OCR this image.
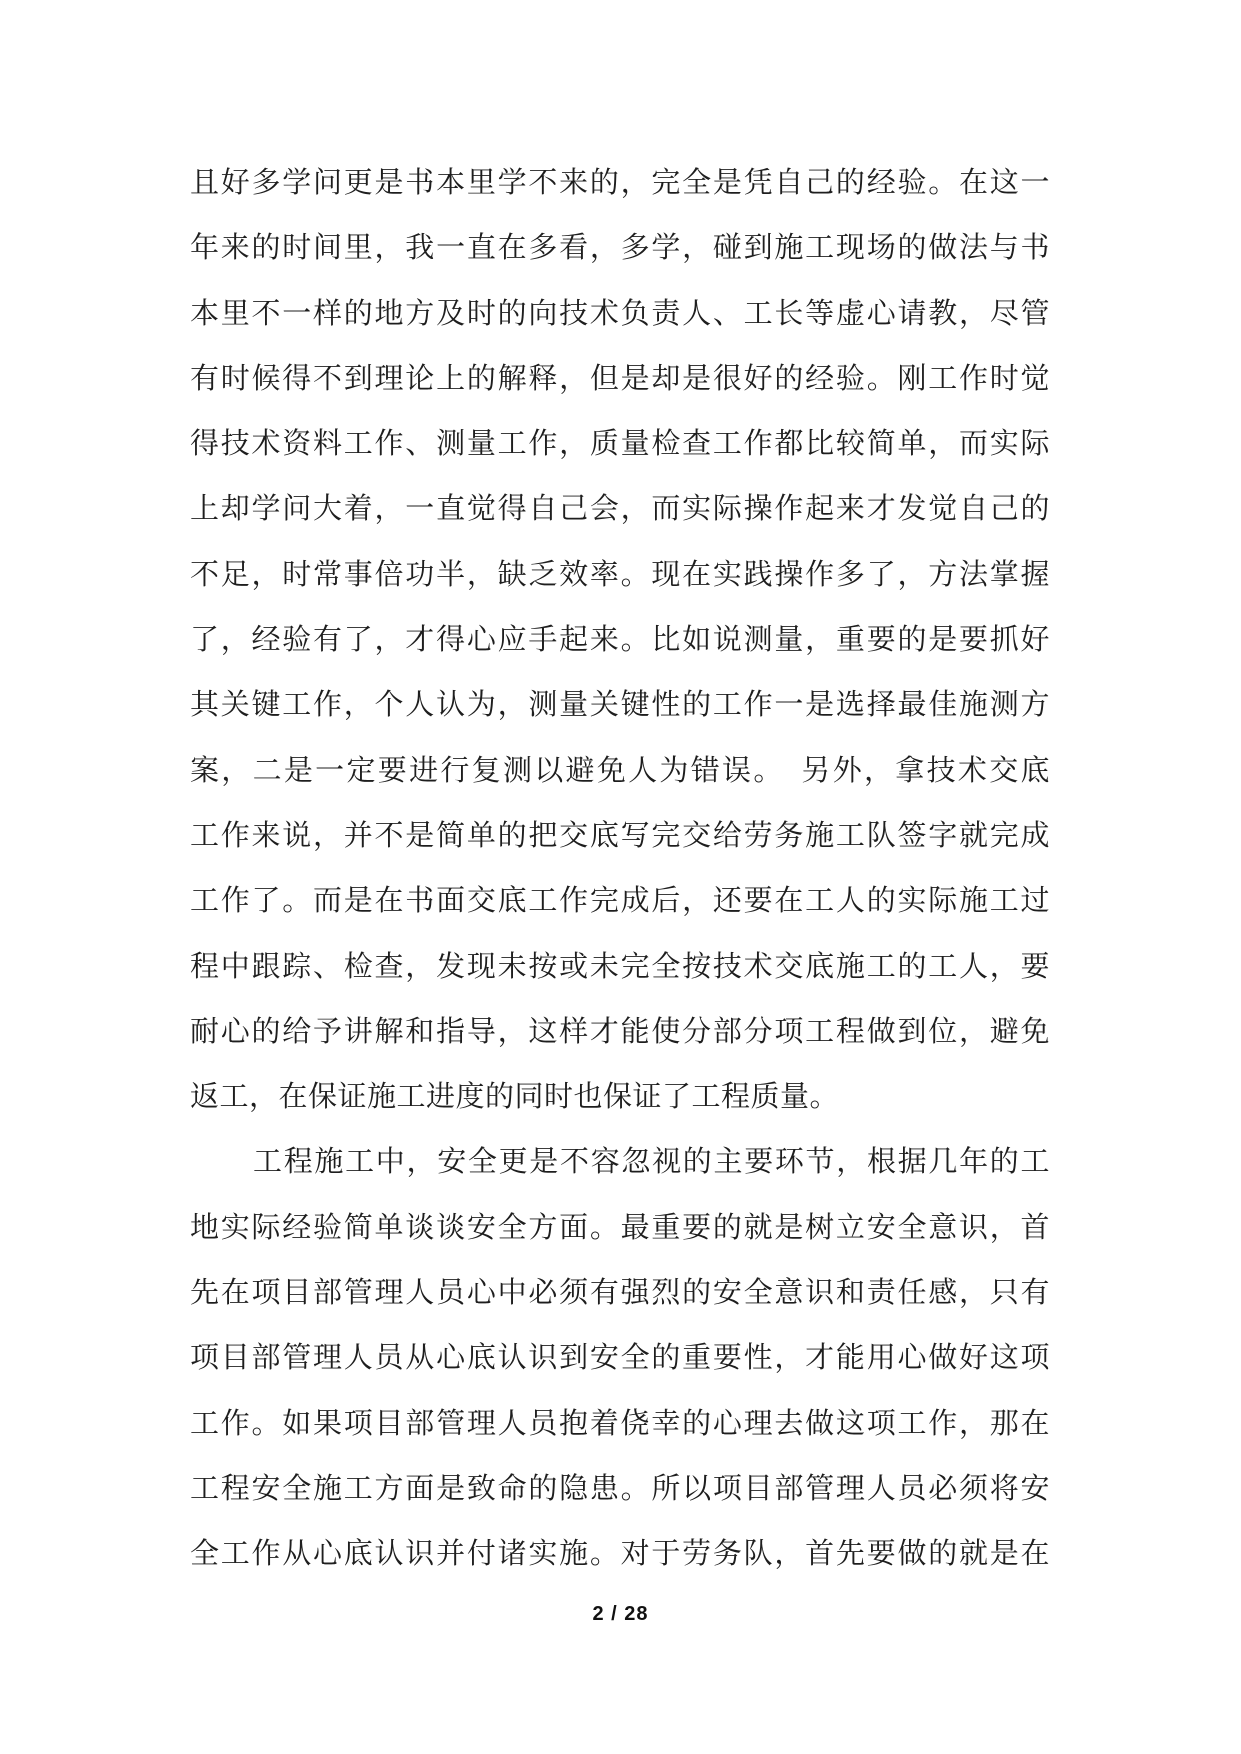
且好多学问更是书本里学不来的，完全是凭自己的经验。在这一

年来的时间里，我一直在多看，多学，碰到施工现场的做法与书

本里不一样的地方及时的向技术负责人、工长等虚心请教，尽管

有时候得不到理论上的解释，但是却是很好的经验。刚工作时觉

得技术资料工作、测量工作，质量检查工作都比较简单，而实际

上却学问大着，一直觉得自己会，而实际操作起来才发觉自己的

不足，时常事倍功半，缺乏效率。现在实践操作多了，方法掌握

了，经验有了，才得心应手起来。比如说测量，重要的是要抓好

其关键工作，个人认为，测量关键性的工作一是选择最佳施测方

案，二是一定要进行复测以避免人为错误。　另外，拿技术交底

工作来说，并不是简单的把交底写完交给劳务施工队签字就完成

工作了。而是在书面交底工作完成后，还要在工人的实际施工过

程中跟踪、检查，发现未按或未完全按技术交底施工的工人，要

耐心的给予讲解和指导，这样才能使分部分项工程做到位，避免

返工，在保证施工进度的同时也保证了工程质量。

工程施工中，安全更是不容忽视的主要环节，根据几年的工

地实际经验简单谈谈安全方面。最重要的就是树立安全意识，首

先在项目部管理人员心中必须有强烈的安全意识和责任感，只有

项目部管理人员从心底认识到安全的重要性，才能用心做好这项

工作。如果项目部管理人员抱着侥幸的心理去做这项工作，那在

工程安全施工方面是致命的隐患。所以项目部管理人员必须将安

全工作从心底认识并付诸实施。对于劳务队，首先要做的就是在

2 / 28
